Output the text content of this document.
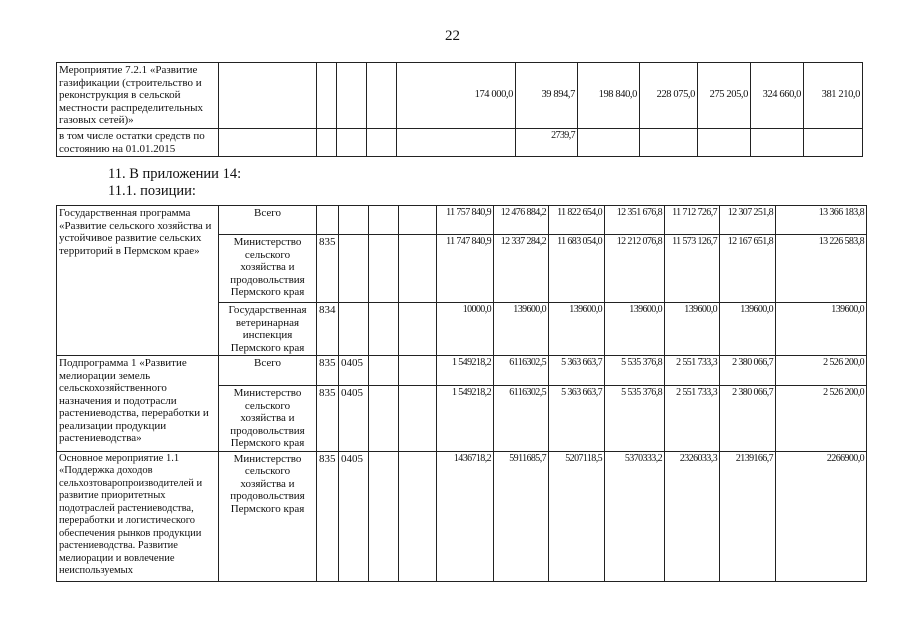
22
Мероприятие 7.2.1 «Развитие газификации (строительство и реконструкция в сельской местности распределительных газовых сетей)»					174 000,0	39 894,7	198 840,0	228 075,0	275 205,0	324 660,0	381 210,0
в том числе остатки средств по состоянию на 01.01.2015						2739,7					
11. В приложении 14:
11.1. позиции:
Государственная программа «Развитие сельского хозяйства и устойчивое развитие сельских территорий в Пермском крае»	Всего					11 757 840,9	12 476 884,2	11 822 654,0	12 351 676,8	11 712 726,7	12 307 251,8	13 366 183,8
	Министерство сельского хозяйства и продовольствия Пермского края	835				11 747 840,9	12 337 284,2	11 683 054,0	12 212 076,8	11 573 126,7	12 167 651,8	13 226 583,8
	Государственная ветеринарная инспекция Пермского края	834				10000,0	139600,0	139600,0	139600,0	139600,0	139600,0	139600,0
Подпрограмма 1 «Развитие мелиорации земель сельскохозяйственного назначения и подотрасли растениеводства, переработки и реализации продукции растениеводства»	Всего	835	0405			1 549218,2	6116302,5	5 363 663,7	5 535 376,8	2 551 733,3	2 380 066,7	2 526 200,0
	Министерство сельского хозяйства и продовольствия Пермского края	835	0405			1 549218,2	6116302,5	5 363 663,7	5 535 376,8	2 551 733,3	2 380 066,7	2 526 200,0
Основное мероприятие 1.1 «Поддержка доходов сельхозтоваропроизводителей и развитие приоритетных подотраслей растениеводства, переработки и логистического обеспечения рынков продукции растениеводства. Развитие мелиорации и вовлечение неиспользуемых	Министерство сельского хозяйства и продовольствия Пермского края	835	0405			1436718,2	5911685,7	5207118,5	5370333,2	2326033,3	2139166,7	2266900,0
